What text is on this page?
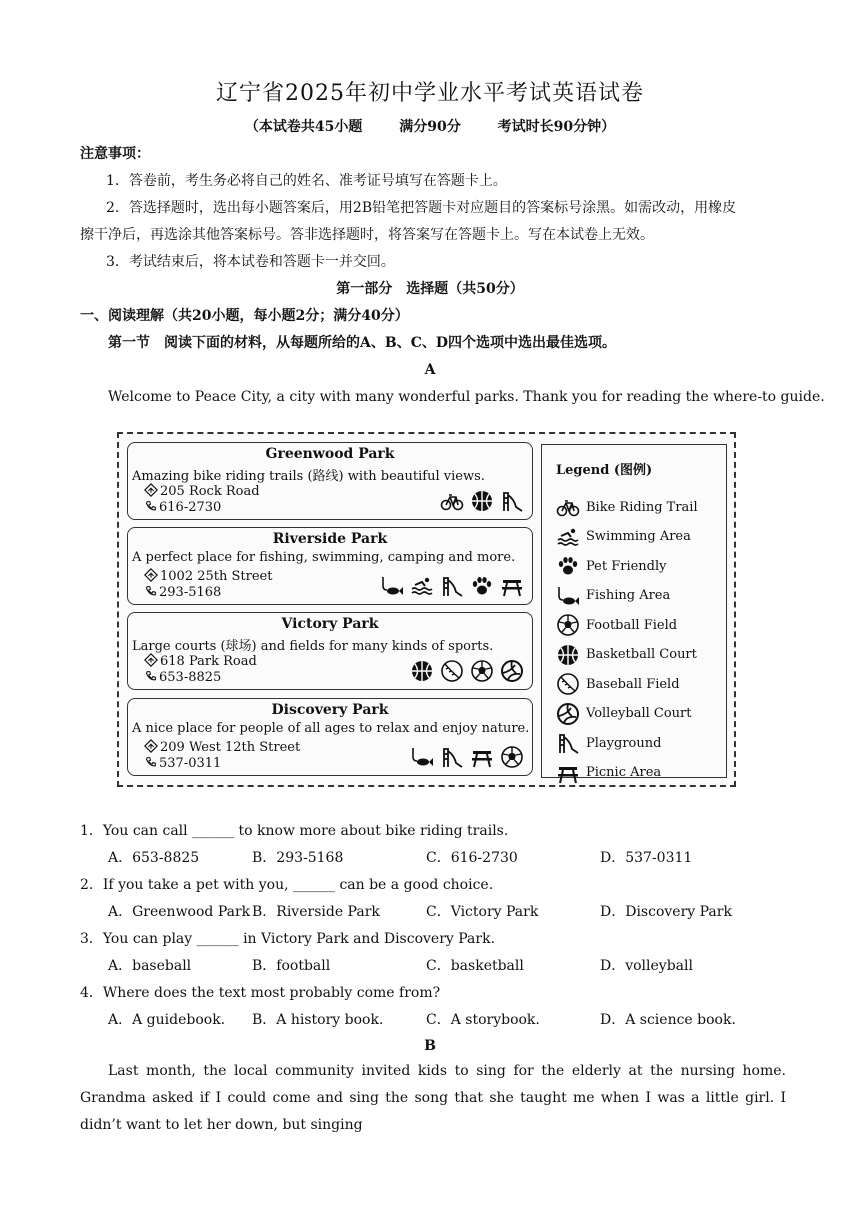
辽宁省2025年初中学业水平考试英语试卷
（本试卷共45小题	满分90分	考试时长90分钟）
注意事项：
1．答卷前，考生务必将自己的姓名、准考证号填写在答题卡上。
2．答选择题时，选出每小题答案后，用2B铅笔把答题卡对应题目的答案标号涂黑。如需改动，用橡皮
擦干净后，再选涂其他答案标号。答非选择题时，将答案写在答题卡上。写在本试卷上无效。
3．考试结束后，将本试卷和答题卡一并交回。
第一部分　选择题（共50分）
一、阅读理解（共20小题，每小题2分；满分40分）
第一节　阅读下面的材料，从每题所给的A、B、C、D四个选项中选出最佳选项。
A
Welcome to Peace City, a city with many wonderful parks. Thank you for reading the where-to guide.
Greenwood Park
Amazing bike riding trails (路线) with beautiful views.
205 Rock Road
616-2730
Riverside Park
A perfect place for fishing, swimming, camping and more.
1002 25th Street
293-5168
Victory Park
Large courts (球场) and fields for many kinds of sports.
618 Park Road
653-8825
Discovery Park
A nice place for people of all ages to relax and enjoy nature.
209 West 12th Street
537-0311
Legend (图例)
Bike Riding Trail
Swimming Area
Pet Friendly
Fishing Area
Football Field
Basketball Court
Baseball Field
Volleyball Court
Playground
Picnic Area
1．You can call ______ to know more about bike riding trails.
A．653-8825	B．293-5168	C．616-2730	D．537-0311
2．If you take a pet with you, ______ can be a good choice.
A．Greenwood Park B．Riverside Park	C．Victory Park	D．Discovery Park
3．You can play ______ in Victory Park and Discovery Park.
A．baseball	B．football	C．basketball	D．volleyball
4．Where does the text most probably come from?
A．A guidebook. B．A history book.	C．A storybook.	D．A science book.
B
Last month, the local community invited kids to sing for the elderly at the nursing home. Grandma asked if I could come and sing the song that she taught me when I was a little girl. I didn’t want to let her down, but singing
